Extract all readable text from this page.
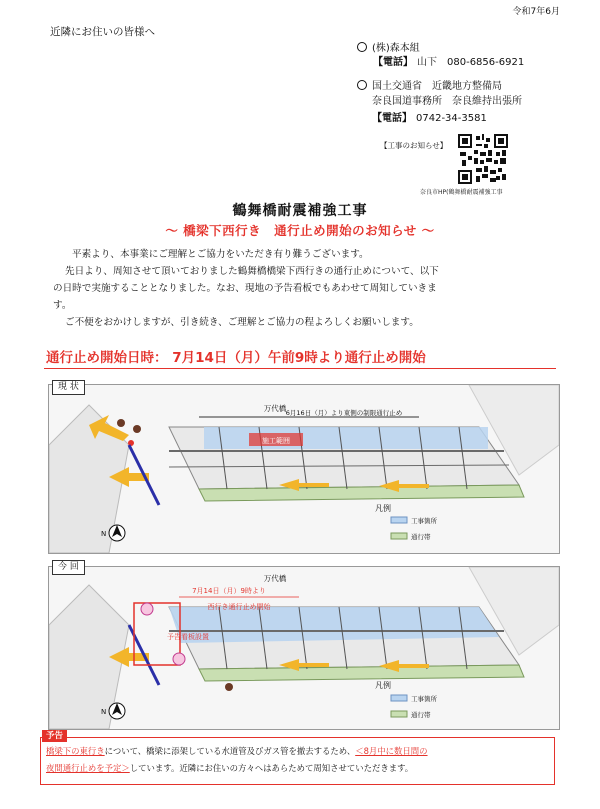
令和7年6月
近隣にお住いの皆様へ
(株)森本組
【電話】 山下　080-6856-6921
国土交通省　近畿地方整備局
奈良国道事務所　奈良維持出張所
【電話】 0742-34-3581
【工事のお知らせ】
奈良市HP(鶴舞橋耐震補強工事
鶴舞橋耐震補強工事
～ 橋梁下西行き　通行止め開始のお知らせ ～
平素より、本事業にご理解とご協力をいただき有り難うございます。
先日より、周知させて頂いておりました鶴舞橋橋梁下西行きの通行止めについて、以下
の日時で実施することとなりました。なお、現地の予告看板でもあわせて周知していきま
す。
ご不便をおかけしますが、引き続き、ご理解とご協力の程よろしくお願いします。
通行止め開始日時： 7月14日（月）午前9時より通行止め開始
施工範囲
N
凡例
工事箇所
通行帯
万代橋 6月16日（月）より東側の制限通行止め
現 状
N
凡例
工事箇所
通行帯
万代橋
7月14日（月）9時より
西行き通行止め開始
予告看板設置
今 回
予告
橋梁下の東行きについて、橋梁に添架している水道管及びガス管を撤去するため、＜8月中に数日間の
夜間通行止めを予定＞しています。近隣にお住いの方々へはあらためて周知させていただきます。
